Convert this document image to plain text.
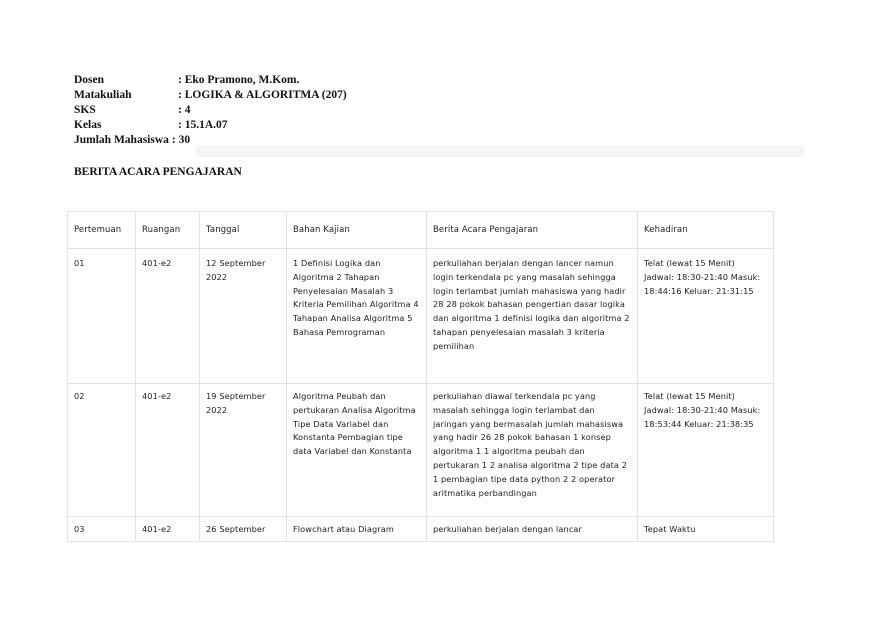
Dosen	: Eko Pramono, M.Kom.
Matakuliah	: LOGIKA & ALGORITMA (207)
SKS	: 4
Kelas	: 15.1A.07
Jumlah Mahasiswa : 30
BERITA ACARA PENGAJARAN
Pertemuan	Ruangan	Tanggal	Bahan Kajian	Berita Acara Pengajaran	Kehadiran
01	401-e2	12 September 2022	1 Definisi Logika dan Algoritma 2 Tahapan Penyelesaian Masalah 3 Kriteria Pemilihan Algoritma 4 Tahapan Analisa Algoritma 5 Bahasa Pemrograman	perkuliahan berjalan dengan lancer namun login terkendala pc yang masalah sehingga login terlambat jumlah mahasiswa yang hadir 28 28 pokok bahasan pengertian dasar logika dan algoritma 1 definisi logika dan algoritma 2 tahapan penyelesaian masalah 3 kriteria pemilihan	Telat (lewat 15 Menit) Jadwal: 18:30-21:40 Masuk: 18:44:16 Keluar: 21:31:15
02	401-e2	19 September 2022	Algoritma Peubah dan pertukaran Analisa Algoritma Tipe Data Variabel dan Konstanta Pembagian tipe data Variabel dan Konstanta	perkuliahan diawal terkendala pc yang masalah sehingga login terlambat dan jaringan yang bermasalah jumlah mahasiswa yang hadir 26 28 pokok bahasan 1 konsep algoritma 1 1 algoritma peubah dan pertukaran 1 2 analisa algoritma 2 tipe data 2 1 pembagian tipe data python 2 2 operator aritmatika perbandingan	Telat (lewat 15 Menit) Jadwal: 18:30-21:40 Masuk: 18:53:44 Keluar: 21:38:35
03	401-e2	26 September	Flowchart atau Diagram	perkuliahan berjalan dengan lancar	Tepat Waktu
